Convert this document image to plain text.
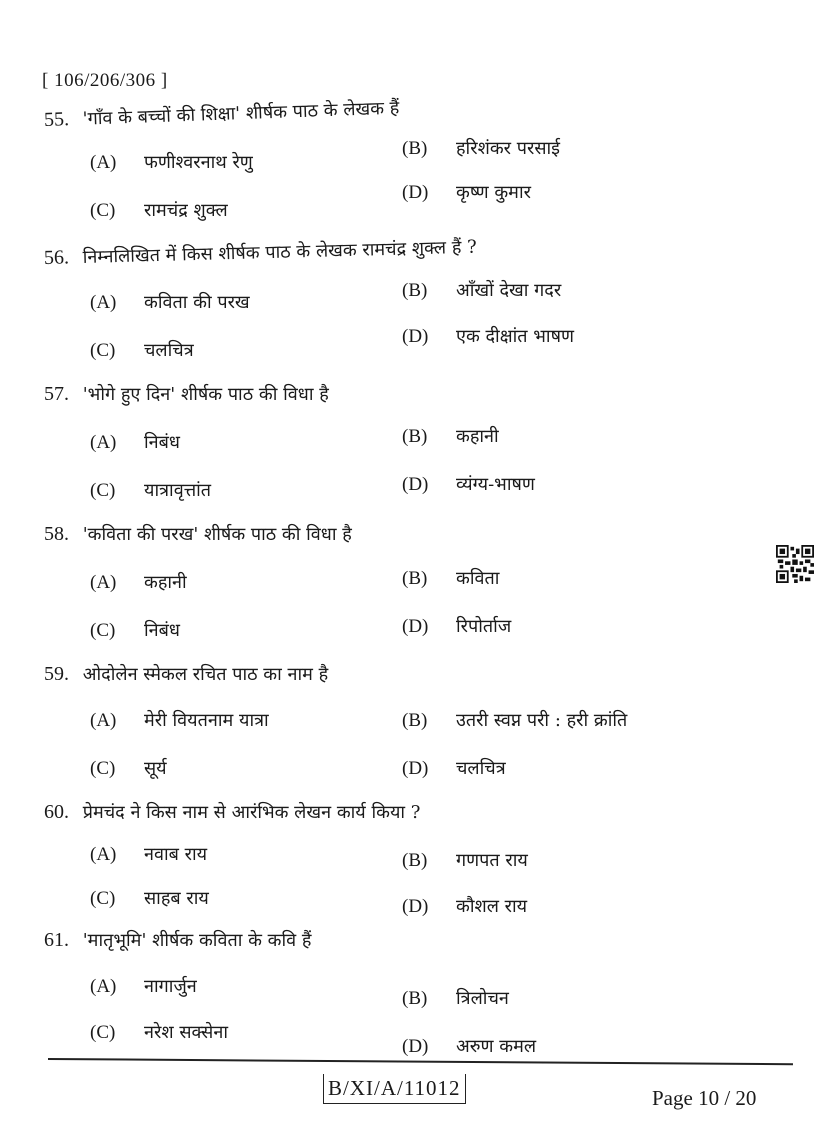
[ 106/206/306 ]
55. 'गाँव के बच्चों की शिक्षा' शीर्षक पाठ के लेखक हैं
(A) फणीश्वरनाथ रेणु
(B) हरिशंकर परसाई
(C) रामचंद्र शुक्ल
(D) कृष्ण कुमार
56. निम्नलिखित में किस शीर्षक पाठ के लेखक रामचंद्र शुक्ल हैं ?
(A) कविता की परख
(B) आँखों देखा गदर
(C) चलचित्र
(D) एक दीक्षांत भाषण
57. 'भोगे हुए दिन' शीर्षक पाठ की विधा है
(A) निबंध	(B) कहानी
(C) यात्रावृत्तांत	(D) व्यंग्य-भाषण
58. 'कविता की परख' शीर्षक पाठ की विधा है
(A) कहानी	(B) कविता
(C) निबंध	(D) रिपोर्ताज
59. ओदोलेन स्मेकल रचित पाठ का नाम है
(A) मेरी वियतनाम यात्रा	(B) उतरी स्वप्न परी : हरी क्रांति
(C) सूर्य	(D) चलचित्र
60. प्रेमचंद ने किस नाम से आरंभिक लेखन कार्य किया ?
(A) नवाब राय	(B) गणपत राय
(C) साहब राय	(D) कौशल राय
61. 'मातृभूमि' शीर्षक कविता के कवि हैं
(A) नागार्जुन
(B) त्रिलोचन
(C) नरेश सक्सेना
(D) अरुण कमल
B/XI/A/11012	Page 10 / 20
